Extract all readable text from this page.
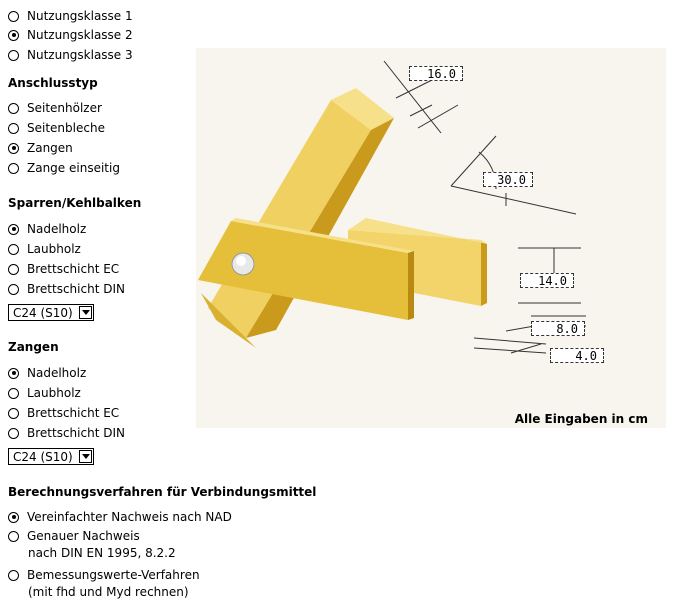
Nutzungsklasse 1
Nutzungsklasse 2
Nutzungsklasse 3
Anschlusstyp
Seitenhölzer
Seitenbleche
Zangen
Zange einseitig
Sparren/Kehlbalken
Nadelholz
Laubholz
Brettschicht EC
Brettschicht DIN
C24 (S10)
Zangen
Nadelholz
Laubholz
Brettschicht EC
Brettschicht DIN
C24 (S10)
Berechnungsverfahren für Verbindungsmittel
Vereinfachter Nachweis nach NAD
Genauer Nachweis
nach DIN EN 1995, 8.2.2
Bemessungswerte-Verfahren
(mit fhd und Myd rechnen)
16.0
30.0
14.0
8.0
4.0
Alle Eingaben in cm
